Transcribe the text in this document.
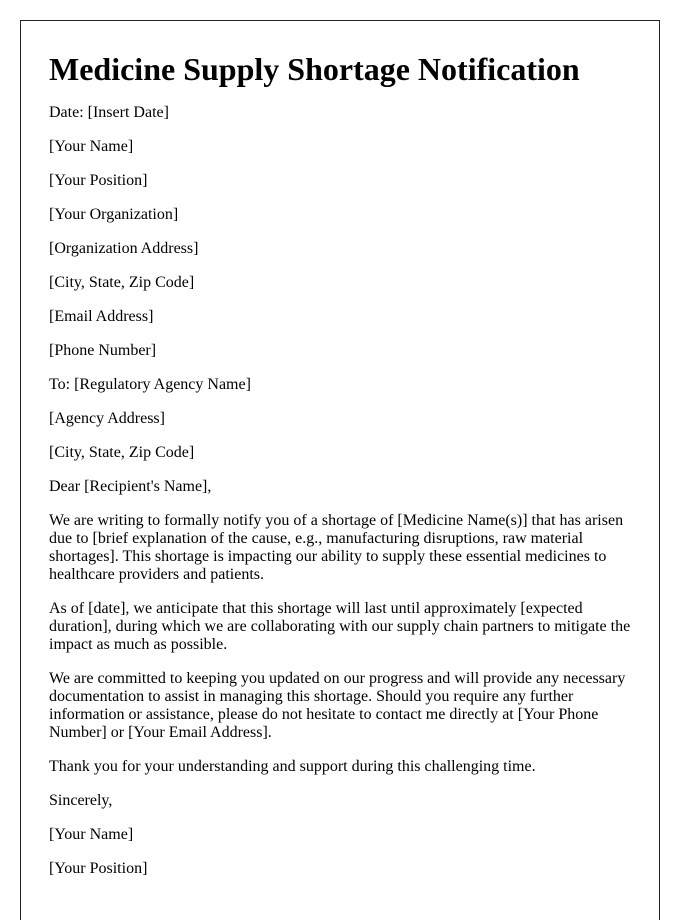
Medicine Supply Shortage Notification
Date: [Insert Date]
[Your Name]
[Your Position]
[Your Organization]
[Organization Address]
[City, State, Zip Code]
[Email Address]
[Phone Number]
To: [Regulatory Agency Name]
[Agency Address]
[City, State, Zip Code]
Dear [Recipient's Name],

We are writing to formally notify you of a shortage of [Medicine Name(s)] that has arisen due to [brief explanation of the cause, e.g., manufacturing disruptions, raw material shortages]. This shortage is impacting our ability to supply these essential medicines to healthcare providers and patients.

As of [date], we anticipate that this shortage will last until approximately [expected duration], during which we are collaborating with our supply chain partners to mitigate the impact as much as possible.

We are committed to keeping you updated on our progress and will provide any necessary documentation to assist in managing this shortage. Should you require any further information or assistance, please do not hesitate to contact me directly at [Your Phone Number] or [Your Email Address].

Thank you for your understanding and support during this challenging time.

Sincerely,
[Your Name]
[Your Position]
